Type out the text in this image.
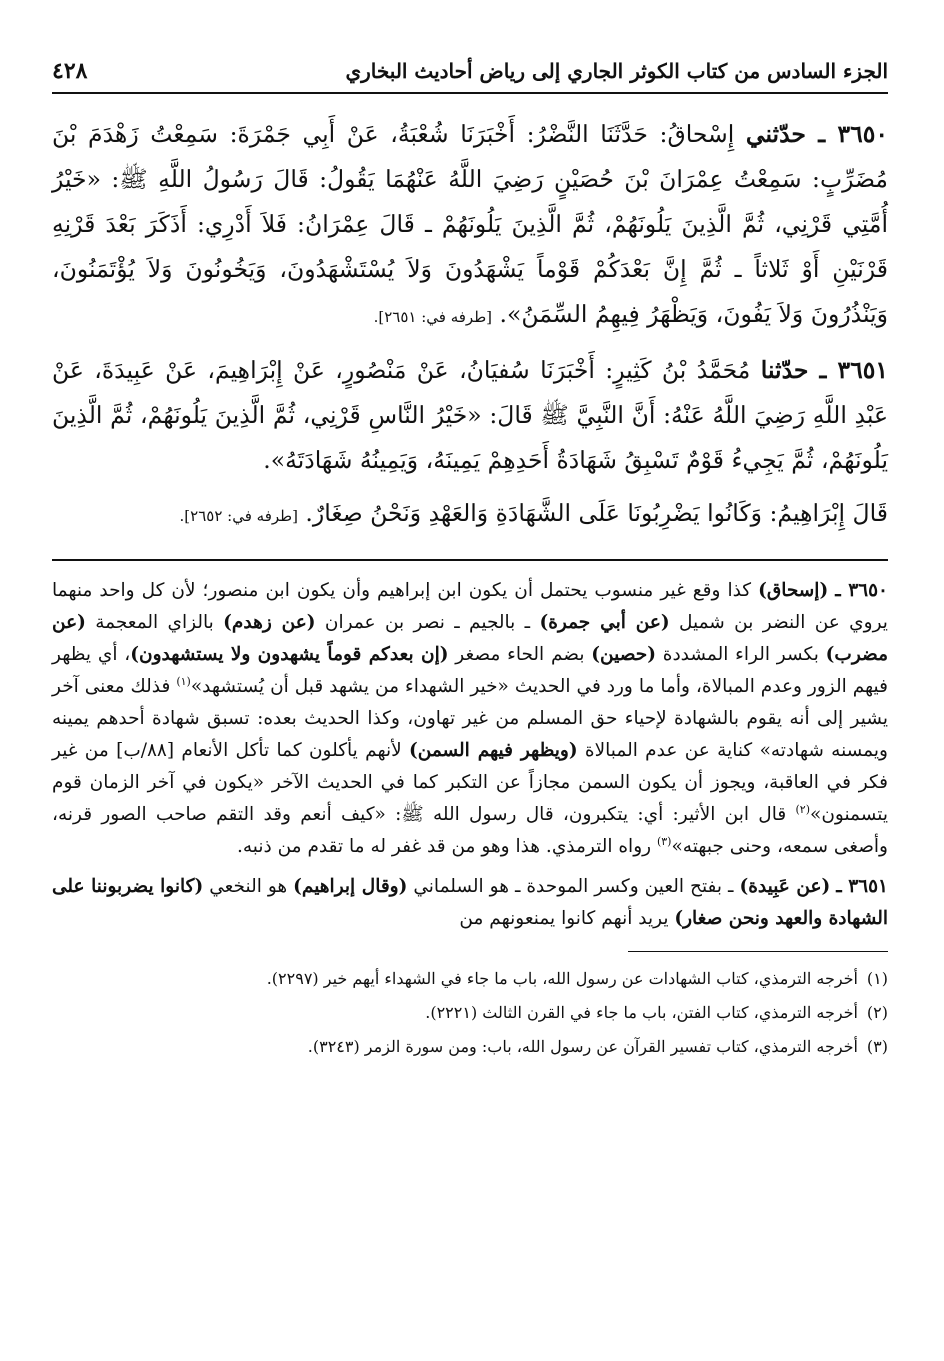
الجزء السادس من كتاب الكوثر الجاري إلى رياض أحاديث البخاري
٤٢٨

٣٦٥٠ ـ حدّثني إِسْحاقُ: حَدَّثَنَا النَّضْرُ: أَخْبَرَنَا شُعْبَةُ، عَنْ أَبِي جَمْرَةَ: سَمِعْتُ زَهْدَمَ بْنَ مُضَرِّبٍ: سَمِعْتُ عِمْرَانَ بْنَ حُصَيْنٍ رَضِيَ اللَّهُ عَنْهُمَا يَقُولُ: قَالَ رَسُولُ اللَّهِ ﷺ: «خَيْرُ أُمَّتِي قَرْنِي، ثُمَّ الَّذِينَ يَلُونَهُمْ، ثُمَّ الَّذِينَ يَلُونَهُمْ ـ قَالَ عِمْرَانُ: فَلاَ أَدْرِي: أَذَكَرَ بَعْدَ قَرْنِهِ قَرْنَيْنِ أَوْ ثَلاثاً ـ ثُمَّ إِنَّ بَعْدَكُمْ قَوْماً يَشْهَدُونَ وَلاَ يُسْتَشْهَدُونَ، وَيَخُونُونَ وَلاَ يُؤْتَمَنُونَ، وَيَنْذُرُونَ وَلاَ يَفُونَ، وَيَظْهَرُ فِيهِمُ السِّمَنُ». [طرفه في: ٢٦٥١].

٣٦٥١ ـ حدّثنا مُحَمَّدُ بْنُ كَثِيرٍ: أَخْبَرَنَا سُفيَانُ، عَنْ مَنْصُورٍ، عَنْ إِبْرَاهِيمَ، عَنْ عَبِيدَةَ، عَنْ عَبْدِ اللَّهِ رَضِيَ اللَّهُ عَنْهُ: أَنَّ النَّبِيَّ ﷺ قَالَ: «خَيْرُ النَّاسِ قَرْنِي، ثُمَّ الَّذِينَ يَلُونَهُمْ، ثُمَّ الَّذِينَ يَلُونَهُمْ، ثُمَّ يَجِيءُ قَوْمٌ تَسْبِقُ شَهَادَةُ أَحَدِهِمْ يَمِينَهُ، وَيَمِينُهُ شَهَادَتَهُ».

قَالَ إِبْرَاهِيمُ: وَكَانُوا يَضْرِبُونَا عَلَى الشَّهَادَةِ وَالعَهْدِ وَنَحْنُ صِغَارٌ. [طرفه في: ٢٦٥٢].

٣٦٥٠ ـ (إسحاق) كذا وقع غير منسوب يحتمل أن يكون ابن إبراهيم وأن يكون ابن منصور؛ لأن كل واحد منهما يروي عن النضر بن شميل (عن أبي جمرة) ـ بالجيم ـ نصر بن عمران (عن زهدم) بالزاي المعجمة (عن مضرب) بكسر الراء المشددة (حصين) بضم الحاء مصغر (إن بعدكم قوماً يشهدون ولا يستشهدون)، أي يظهر فيهم الزور وعدم المبالاة، وأما ما ورد في الحديث «خير الشهداء من يشهد قبل أن يُستشهد»$^{(١)}$ فذلك معنى آخر يشير إلى أنه يقوم بالشهادة لإحياء حق المسلم من غير تهاون، وكذا الحديث بعده: تسبق شهادة أحدهم يمينه ويمسنه شهادته» كناية عن عدم المبالاة (ويظهر فيهم السمن) لأنهم يأكلون كما تأكل الأنعام [٨٨/ب] من غير فكر في العاقبة، ويجوز أن يكون السمن مجازاً عن التكبر كما في الحديث الآخر «يكون في آخر الزمان قوم يتسمنون»$^{(٢)}$ قال ابن الأثير: أي: يتكبرون، قال رسول الله ﷺ: «كيف أنعم وقد التقم صاحب الصور قرنه، وأصغى سمعه، وحنى جبهته»$^{(٣)}$ رواه الترمذي. هذا وهو من قد غفر له ما تقدم من ذنبه.

٣٦٥١ ـ (عن عَبِيدة) ـ بفتح العين وكسر الموحدة ـ هو السلماني (وقال إبراهيم) هو النخعي (كانوا يضربوننا على الشهادة والعهد ونحن صغار) يريد أنهم كانوا يمنعونهم من

(١)أخرجه الترمذي، كتاب الشهادات عن رسول الله، باب ما جاء في الشهداء أيهم خير (٢٢٩٧).

(٢)أخرجه الترمذي، كتاب الفتن، باب ما جاء في القرن الثالث (٢٢٢١).

(٣)أخرجه الترمذي، كتاب تفسير القرآن عن رسول الله، باب: ومن سورة الزمر (٣٢٤٣).
